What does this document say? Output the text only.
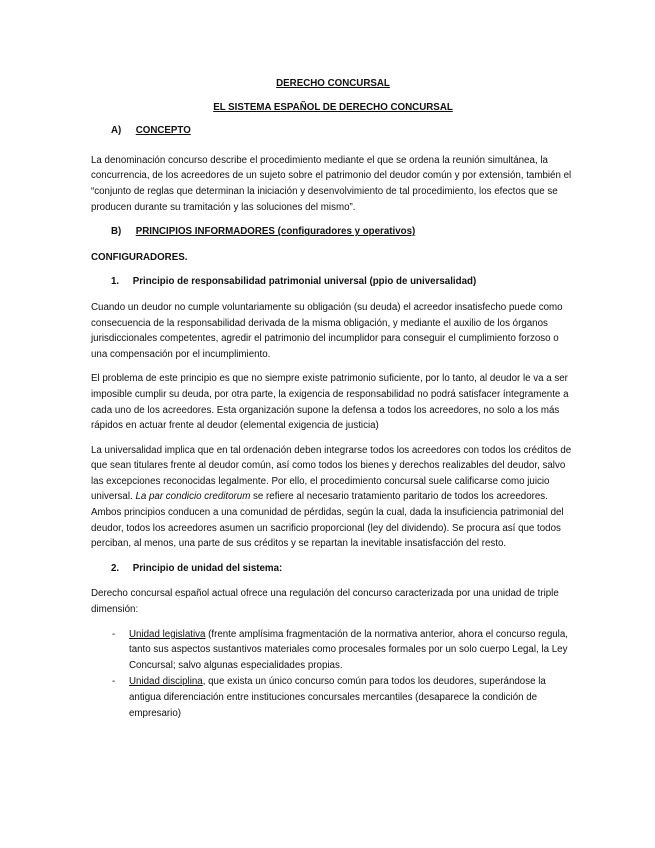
DERECHO CONCURSAL
EL SISTEMA ESPAÑOL DE DERECHO CONCURSAL
A) CONCEPTO

La denominación concurso describe el procedimiento mediante el que se ordena la reunión simultánea, la concurrencia, de los acreedores de un sujeto sobre el patrimonio del deudor común y por extensión, también el “conjunto de reglas que determinan la iniciación y desenvolvimiento de tal procedimiento, los efectos que se producen durante su tramitación y las soluciones del mismo”.

B) PRINCIPIOS INFORMADORES (configuradores y operativos)
CONFIGURADORES.
1. Principio de responsabilidad patrimonial universal (ppio de universalidad)

Cuando un deudor no cumple voluntariamente su obligación (su deuda) el acreedor insatisfecho puede como consecuencia de la responsabilidad derivada de la misma obligación, y mediante el auxilio de los órganos jurisdiccionales competentes, agredir el patrimonio del incumplidor para conseguir el cumplimiento forzoso o una compensación por el incumplimiento.

El problema de este principio es que no siempre existe patrimonio suficiente, por lo tanto, al deudor le va a ser imposible cumplir su deuda, por otra parte, la exigencia de responsabilidad no podrá satisfacer íntegramente a cada uno de los acreedores. Esta organización supone la defensa a todos los acreedores, no solo a los más rápidos en actuar frente al deudor (elemental exigencia de justicia)

La universalidad implica que en tal ordenación deben integrarse todos los acreedores con todos los créditos de que sean titulares frente al deudor común, así como todos los bienes y derechos realizables del deudor, salvo las excepciones reconocidas legalmente. Por ello, el procedimiento concursal suele calificarse como juicio universal. La par condicio creditorum se refiere al necesario tratamiento paritario de todos los acreedores. Ambos principios conducen a una comunidad de pérdidas, según la cual, dada la insuficiencia patrimonial del deudor, todos los acreedores asumen un sacrificio proporcional (ley del dividendo). Se procura así que todos perciban, al menos, una parte de sus créditos y se repartan la inevitable insatisfacción del resto.

2. Principio de unidad del sistema:

Derecho concursal español actual ofrece una regulación del concurso caracterizada por una unidad de triple dimensión:

- Unidad legislativa (frente amplísima fragmentación de la normativa anterior, ahora el concurso regula, tanto sus aspectos sustantivos materiales como procesales formales por un solo cuerpo Legal, la Ley Concursal; salvo algunas especialidades propias.
- Unidad disciplina, que exista un único concurso común para todos los deudores, superándose la antigua diferenciación entre instituciones concursales mercantiles (desaparece la condición de empresario)
